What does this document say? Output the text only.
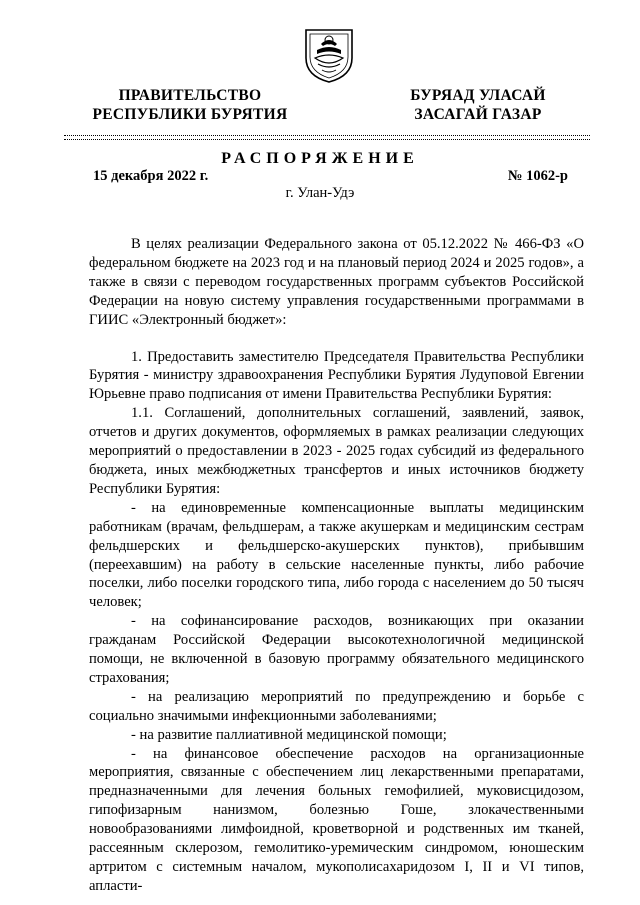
ПРАВИТЕЛЬСТВО
РЕСПУБЛИКИ БУРЯТИЯ
БУРЯАД УЛАСАЙ
ЗАСАГАЙ ГАЗАР
РАСПОРЯЖЕНИЕ
15 декабря 2022 г.	№ 1062-р
г. Улан-Удэ

В целях реализации Федерального закона от 05.12.2022 № 466-ФЗ «О федеральном бюджете на 2023 год и на плановый период 2024 и 2025 годов», а также в связи с переводом государственных программ субъектов Российской Федерации на новую систему управления государственными программами в ГИИС «Электронный бюджет»:

1. Предоставить заместителю Председателя Правительства Республики Бурятия - министру здравоохранения Республики Бурятия Лудуповой Евгении Юрьевне право подписания от имени Правительства Республики Бурятия:

1.1. Соглашений, дополнительных соглашений, заявлений, заявок, отчетов и других документов, оформляемых в рамках реализации следующих мероприятий о предоставлении в 2023 - 2025 годах субсидий из федерального бюджета, иных межбюджетных трансфертов и иных источников бюджету Республики Бурятия:

- на единовременные компенсационные выплаты медицинским работникам (врачам, фельдшерам, а также акушеркам и медицинским сестрам фельдшерских и фельдшерско-акушерских пунктов), прибывшим (переехавшим) на работу в сельские населенные пункты, либо рабочие поселки, либо поселки городского типа, либо города с населением до 50 тысяч человек;

- на софинансирование расходов, возникающих при оказании гражданам Российской Федерации высокотехнологичной медицинской помощи, не включенной в базовую программу обязательного медицинского страхования;

- на реализацию мероприятий по предупреждению и борьбе с социально значимыми инфекционными заболеваниями;

- на развитие паллиативной медицинской помощи;

- на финансовое обеспечение расходов на организационные мероприятия, связанные с обеспечением лиц лекарственными препаратами, предназначенными для лечения больных гемофилией, муковисцидозом, гипофизарным нанизмом, болезнью Гоше, злокачественными новообразованиями лимфоидной, кроветворной и родственных им тканей, рассеянным склерозом, гемолитико-уремическим синдромом, юношеским артритом с системным началом, мукополисахаридозом I, II и VI типов, апласти-
